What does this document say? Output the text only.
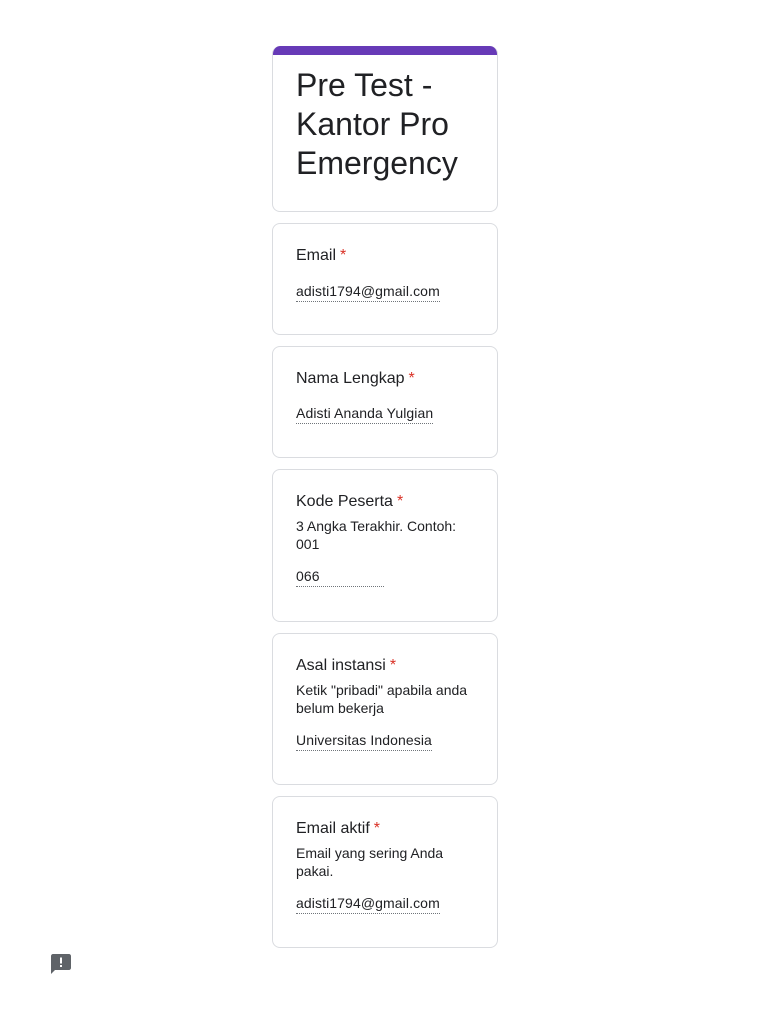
Pre Test - Kantor Pro Emergency
Email *
adisti1794@gmail.com
Nama Lengkap *
Adisti Ananda Yulgian
Kode Peserta *
3 Angka Terakhir. Contoh: 001
066
Asal instansi *
Ketik "pribadi" apabila anda belum bekerja
Universitas Indonesia
Email aktif *
Email yang sering Anda pakai.
adisti1794@gmail.com
